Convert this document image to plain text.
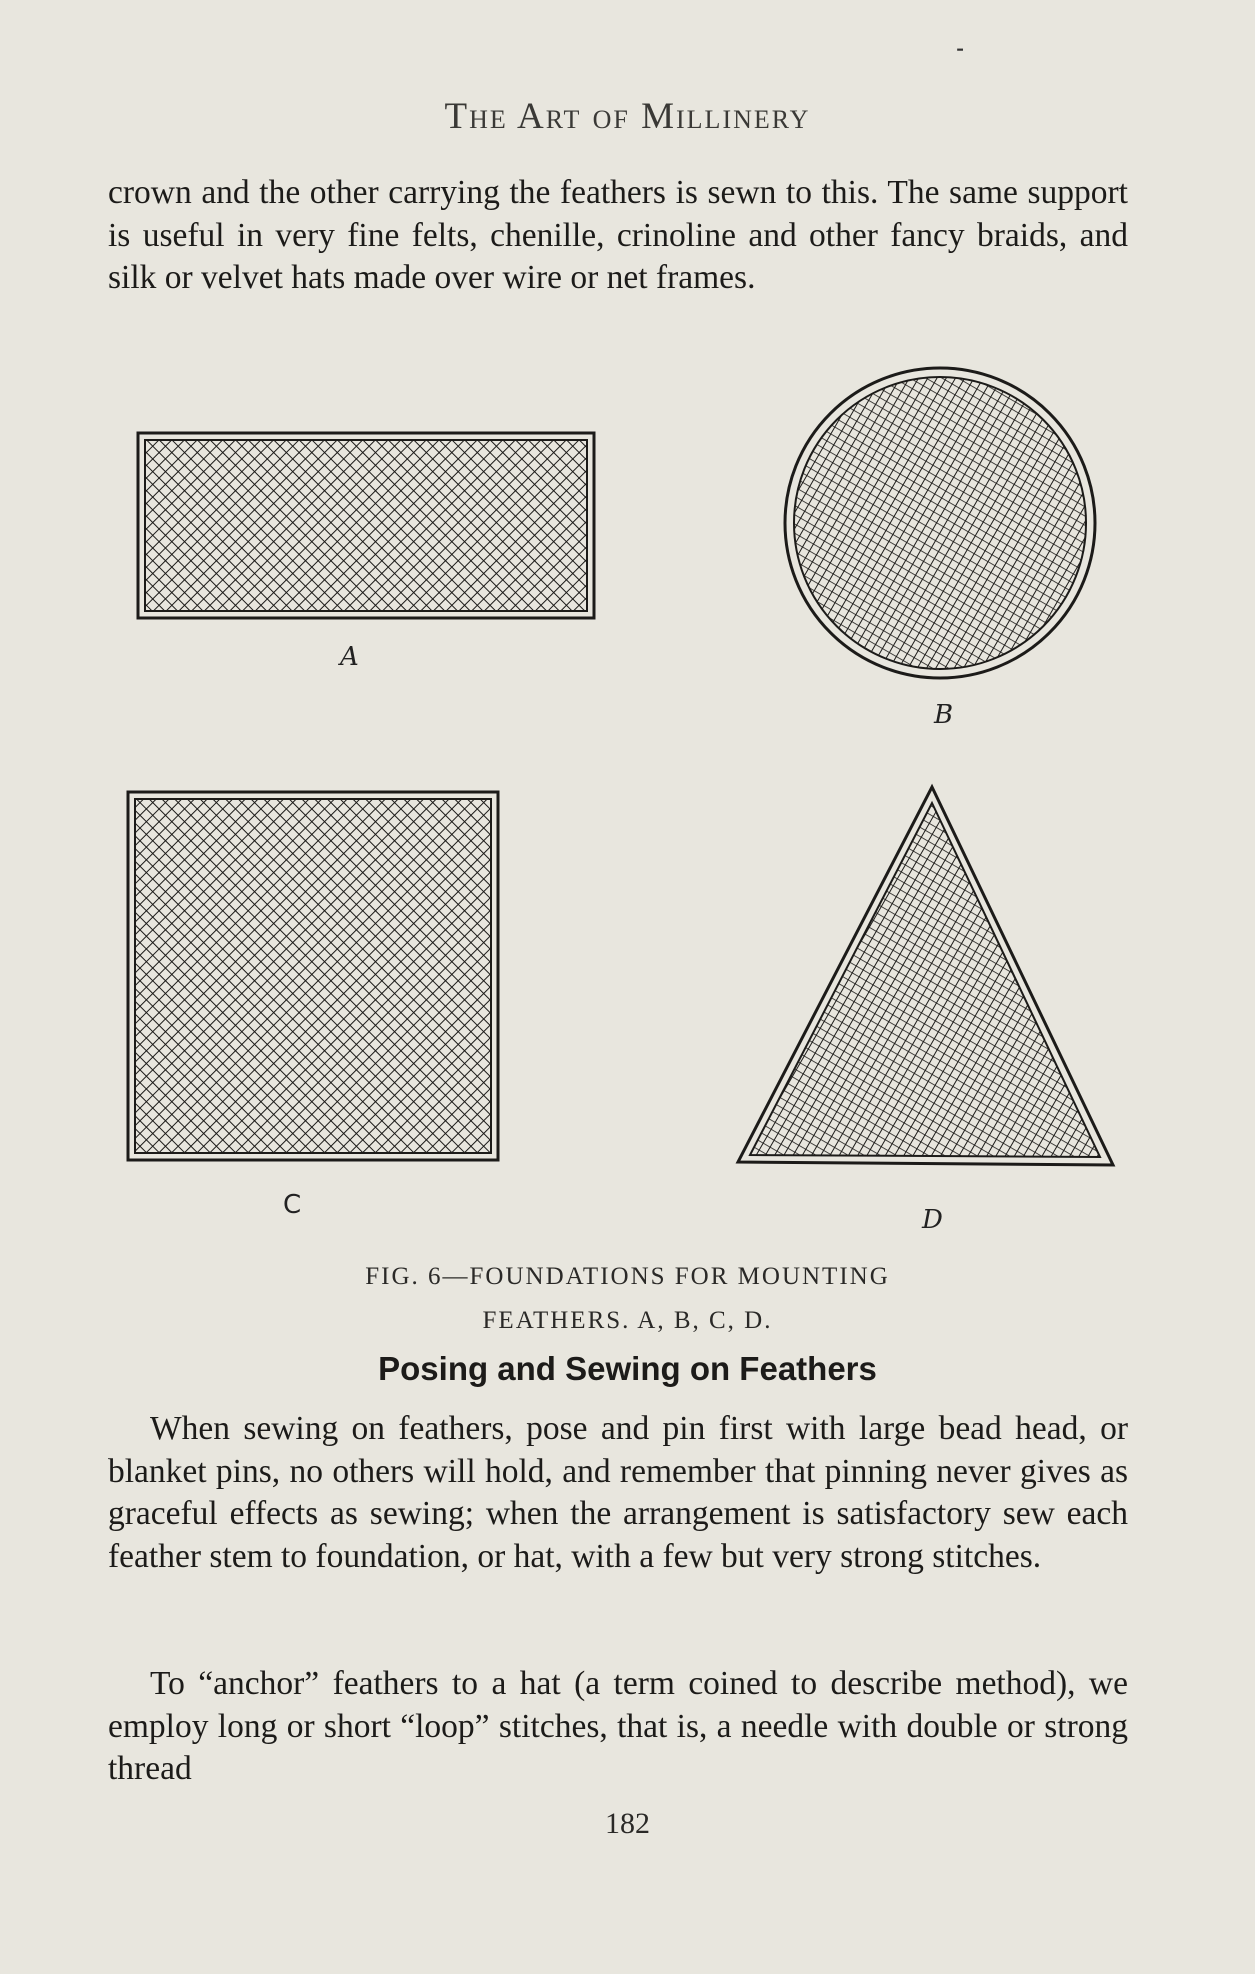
⁃
The Art of Millinery

crown and the other carrying the feathers is sewn to this. The same support is useful in very fine felts, chenille, crinoline and other fancy braids, and silk or velvet hats made over wire or net frames.

A
B
C	D
FIG. 6—FOUNDATIONS FOR MOUNTING
FEATHERS. A, B, C, D.
Posing and Sewing on Feathers

When sewing on feathers, pose and pin first with large bead head, or blanket pins, no others will hold, and remember that pinning never gives as graceful effects as sewing; when the arrangement is satisfactory sew each feather stem to foundation, or hat, with a few but very strong stitches.

To “anchor” feathers to a hat (a term coined to describe method), we employ long or short “loop” stitches, that is, a needle with double or strong thread

182
